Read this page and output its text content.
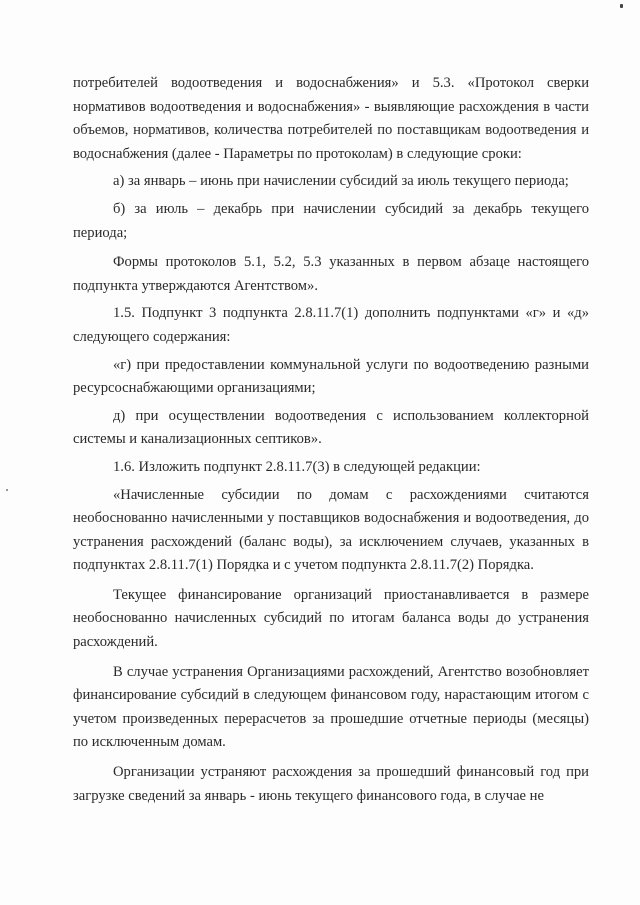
потребителей водоотведения и водоснабжения» и 5.3. «Протокол сверки нормативов водоотведения и водоснабжения» - выявляющие расхождения в части объемов, нормативов, количества потребителей по поставщикам водоотведения и водоснабжения (далее - Параметры по протоколам) в следующие сроки:

а) за январь – июнь при начислении субсидий за июль текущего периода;

б) за июль – декабрь при начислении субсидий за декабрь текущего периода;

Формы протоколов 5.1, 5.2, 5.3 указанных в первом абзаце настоящего подпункта утверждаются Агентством».

1.5. Подпункт 3 подпункта 2.8.11.7(1) дополнить подпунктами «г» и «д» следующего содержания:

«г) при предоставлении коммунальной услуги по водоотведению разными ресурсоснабжающими организациями;

д) при осуществлении водоотведения с использованием коллекторной системы и канализационных септиков».

1.6. Изложить подпункт 2.8.11.7(3) в следующей редакции:

«Начисленные субсидии по домам с расхождениями считаются необоснованно начисленными у поставщиков водоснабжения и водоотведения, до устранения расхождений (баланс воды), за исключением случаев, указанных в подпунктах 2.8.11.7(1) Порядка и с учетом подпункта 2.8.11.7(2) Порядка.

Текущее финансирование организаций приостанавливается в размере необоснованно начисленных субсидий по итогам баланса воды до устранения расхождений.

В случае устранения Организациями расхождений, Агентство возобновляет финансирование субсидий в следующем финансовом году, нарастающим итогом с учетом произведенных перерасчетов за прошедшие отчетные периоды (месяцы) по исключенным домам.

Организации устраняют расхождения за прошедший финансовый год при загрузке сведений за январь - июнь текущего финансового года, в случае не
